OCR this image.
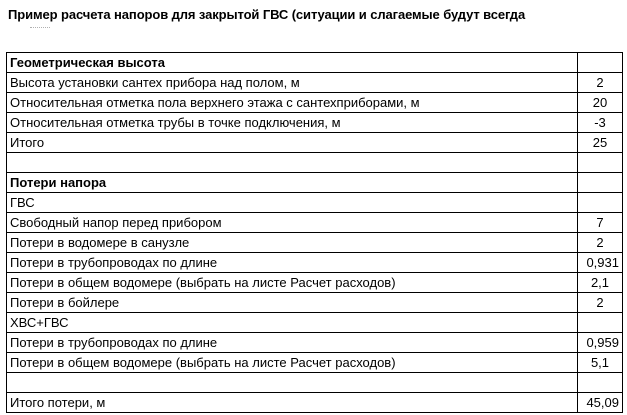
Пример расчета напоров для закрытой ГВС (ситуации и слагаемые будут всегда
Геометрическая высота	
Высота установки сантех прибора над полом, м	2
Относительная отметка пола верхнего этажа с сантехприборами, м	20
Относительная отметка трубы в точке подключения, м	-3
Итого	25

Потери напора	
ГВС	
Свободный напор перед прибором	7
Потери в водомере в санузле	2
Потери в трубопроводах по длине	0,931
Потери в общем водомере (выбрать на листе Расчет расходов)	2,1
Потери в бойлере	2
ХВС+ГВС	
Потери в трубопроводах по длине	0,959
Потери в общем водомере (выбрать на листе Расчет расходов)	5,1

Итого потери, м	45,09
